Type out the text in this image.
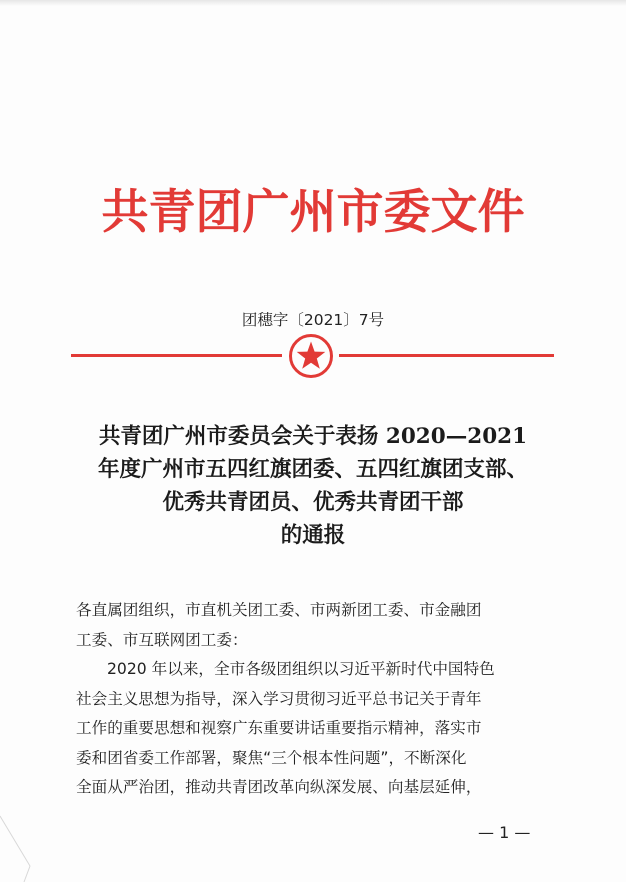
共青团广州市委文件
团穗字〔2021〕7号
共青团广州市委员会关于表扬 2020—2021
年度广州市五四红旗团委、五四红旗团支部、
优秀共青团员、优秀共青团干部
的通报
各直属团组织，市直机关团工委、市两新团工委、市金融团
工委、市互联网团工委：
2020 年以来，全市各级团组织以习近平新时代中国特色
社会主义思想为指导，深入学习贯彻习近平总书记关于青年
工作的重要思想和视察广东重要讲话重要指示精神，落实市
委和团省委工作部署，聚焦“三个根本性问题”，不断深化
全面从严治团，推动共青团改革向纵深发展、向基层延伸，
— 1 —
